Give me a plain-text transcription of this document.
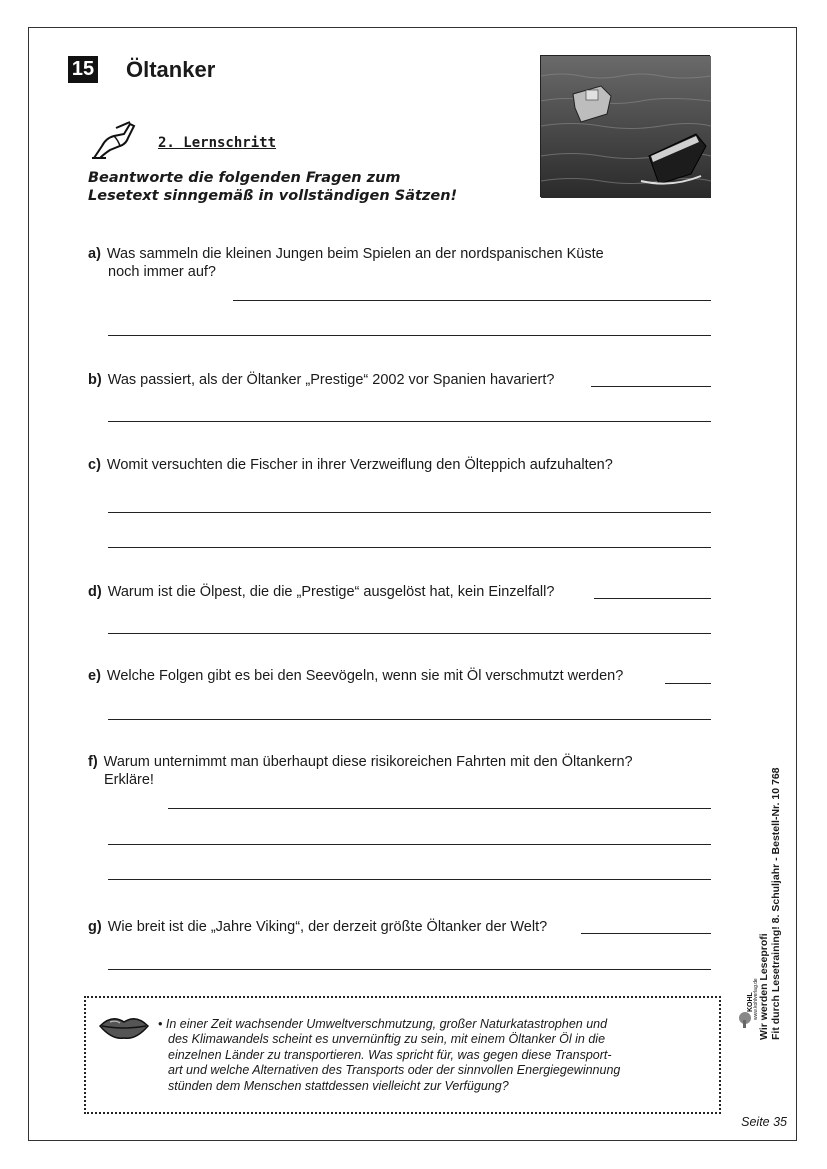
15 Öltanker
2. Lernschritt
Beantworte die folgenden Fragen zum
Lesetext sinngemäß in vollständigen Sätzen!
a) Was sammeln die kleinen Jungen beim Spielen an der nordspanischen Küste
noch immer auf?
b) Was passiert, als der Öltanker „Prestige“ 2002 vor Spanien havariert?
c) Womit versuchten die Fischer in ihrer Verzweiflung den Ölteppich aufzuhalten?
d) Warum ist die Ölpest, die die „Prestige“ ausgelöst hat, kein Einzelfall?
e) Welche Folgen gibt es bei den Seevögeln, wenn sie mit Öl verschmutzt werden?
f) Warum unternimmt man überhaupt diese risikoreichen Fahrten mit den Öltankern?
Erkläre!
g) Wie breit ist die „Jahre Viking“, der derzeit größte Öltanker der Welt?
• In einer Zeit wachsender Umweltverschmutzung, großer Naturkatastrophen und
des Klimawandels scheint es unvernünftig zu sein, mit einem Öltanker Öl in die
einzelnen Länder zu transportieren. Was spricht für, was gegen diese Transport-
art und welche Alternativen des Transports oder der sinnvollen Energiegewinnung
stünden dem Menschen stattdessen vielleicht zur Verfügung?
Wir werden Leseprofi Fit durch Lesetraining! 8. Schuljahr - Bestell-Nr. 10 768
KOHL www.kohlverlag.de
Seite 35
